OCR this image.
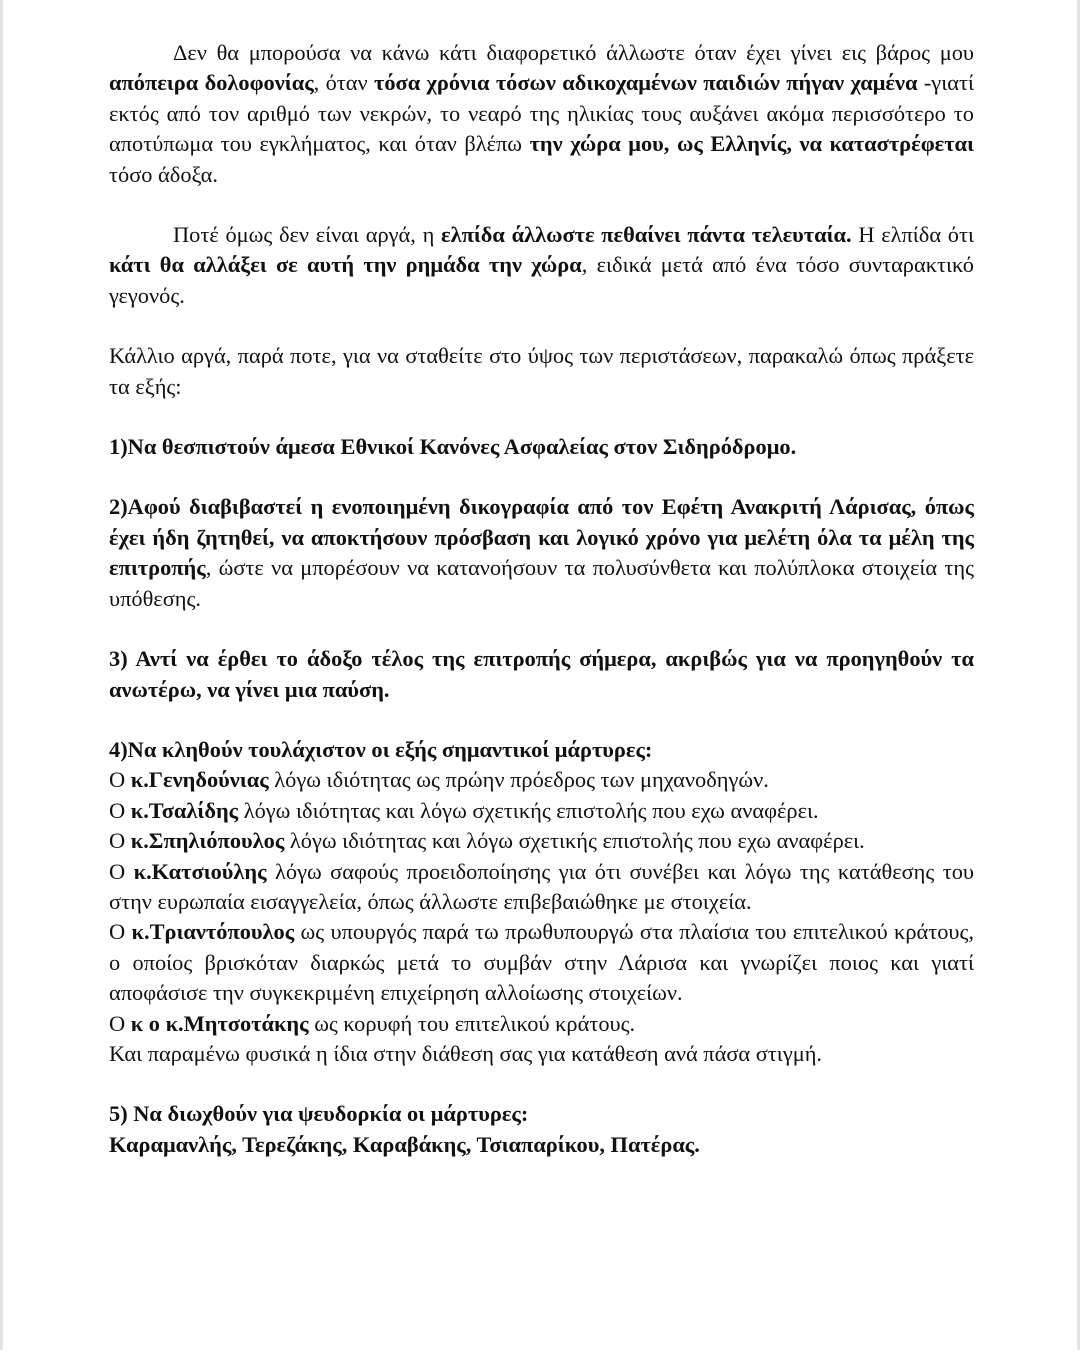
Δεν θα μπορούσα να κάνω κάτι διαφορετικό άλλωστε όταν έχει γίνει εις βάρος μου απόπειρα δολοφονίας, όταν τόσα χρόνια τόσων αδικοχαμένων παιδιών πήγαν χαμένα -γιατί εκτός από τον αριθμό των νεκρών, το νεαρό της ηλικίας τους αυξάνει ακόμα περισσότερο το αποτύπωμα του εγκλήματος, και όταν βλέπω την χώρα μου, ως Ελληνίς, να καταστρέφεται τόσο άδοξα.

Ποτέ όμως δεν είναι αργά, η ελπίδα άλλωστε πεθαίνει πάντα τελευταία. Η ελπίδα ότι κάτι θα αλλάξει σε αυτή την ρημάδα την χώρα, ειδικά μετά από ένα τόσο συνταρακτικό γεγονός.

Κάλλιο αργά, παρά ποτε, για να σταθείτε στο ύψος των περιστάσεων, παρακαλώ όπως πράξετε τα εξής:

1)Να θεσπιστούν άμεσα Εθνικοί Κανόνες Ασφαλείας στον Σιδηρόδρομο.

2)Αφού διαβιβαστεί η ενοποιημένη δικογραφία από τον Εφέτη Ανακριτή Λάρισας, όπως έχει ήδη ζητηθεί, να αποκτήσουν πρόσβαση και λογικό χρόνο για μελέτη όλα τα μέλη της επιτροπής, ώστε να μπορέσουν να κατανοήσουν τα πολυσύνθετα και πολύπλοκα στοιχεία της υπόθεσης.

3) Αντί να έρθει το άδοξο τέλος της επιτροπής σήμερα, ακριβώς για να προηγηθούν τα ανωτέρω, να γίνει μια παύση.

4)Να κληθούν τουλάχιστον οι εξής σημαντικοί μάρτυρες:

Ο κ.Γενηδούνιας λόγω ιδιότητας ως πρώην πρόεδρος των μηχανοδηγών.

Ο κ.Τσαλίδης λόγω ιδιότητας και λόγω σχετικής επιστολής που εχω αναφέρει.

Ο κ.Σπηλιόπουλος λόγω ιδιότητας και λόγω σχετικής επιστολής που εχω αναφέρει.

Ο κ.Κατσιούλης λόγω σαφούς προειδοποίησης για ότι συνέβει και λόγω της κατάθεσης του στην ευρωπαία εισαγγελεία, όπως άλλωστε επιβεβαιώθηκε με στοιχεία.

Ο κ.Τριαντόπουλος ως υπουργός παρά τω πρωθυπουργώ στα πλαίσια του επιτελικού κράτους, ο οποίος βρισκόταν διαρκώς μετά το συμβάν στην Λάρισα και γνωρίζει ποιος και γιατί αποφάσισε την συγκεκριμένη επιχείρηση αλλοίωσης στοιχείων.

Ο κ ο κ.Μητσοτάκης ως κορυφή του επιτελικού κράτους.

Και παραμένω φυσικά η ίδια στην διάθεση σας για κατάθεση ανά πάσα στιγμή.

5) Να διωχθούν για ψευδορκία οι μάρτυρες:

Καραμανλής, Τερεζάκης, Καραβάκης, Τσιαπαρίκου, Πατέρας.
